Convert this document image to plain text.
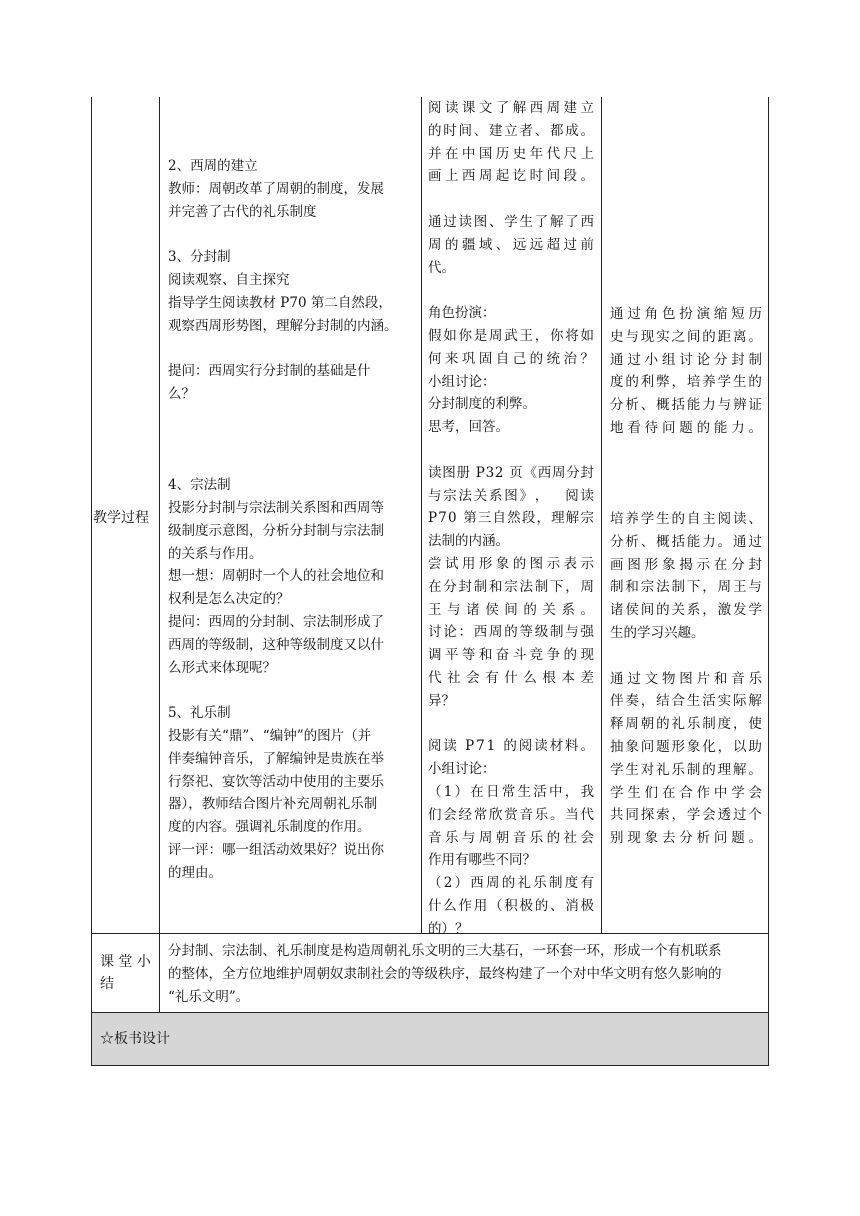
教学过程

2、西周的建立

教师：周朝改革了周朝的制度，发展

并完善了古代的礼乐制度

3、分封制

阅读观察、自主探究

指导学生阅读教材 P70 第二自然段，

观察西周形势图，理解分封制的内涵。

提问：西周实行分封制的基础是什

么？

4、宗法制

投影分封制与宗法制关系图和西周等

级制度示意图，分析分封制与宗法制

的关系与作用。

想一想：周朝时一个人的社会地位和

权利是怎么决定的？

提问：西周的分封制、宗法制形成了

西周的等级制，这种等级制度又以什

么形式来体现呢？

5、礼乐制

投影有关“鼎”、“编钟”的图片（并

伴奏编钟音乐，了解编钟是贵族在举

行祭祀、宴饮等活动中使用的主要乐

器），教师结合图片补充周朝礼乐制

度的内容。强调礼乐制度的作用。

评一评：哪一组活动效果好？说出你

的理由。

阅 读 课 文 了 解 西 周 建 立

的 时 间 、 建 立 者 、 都 成 。

并 在 中 国 历 史 年 代 尺 上

画 上 西 周 起 讫 时 间 段 。

通 过 读 图 、 学 生 了 解 了 西

周 的 疆 域 、 远 远 超 过 前

代。

角色扮演：

假 如 你 是 周 武 王 ， 你 将 如

何 来 巩 固 自 己 的 统 治 ？

小组讨论：

分封制度的利弊。

思考，回答。

读 图 册
P 3 2
页 《 西 周 分 封

与 宗 法 关 系 图 》 ，
　 阅 读

P 7 0
第 三 自 然 段 ， 理 解 宗

法制的内涵。

尝 试 用 形 象 的 图 示 表 示

在 分 封 制 和 宗 法 制 下 ， 周

王 与 诸 侯 间 的 关 系 。

讨 论 ： 西 周 的 等 级 制 与 强

调 平 等 和 奋 斗 竞 争 的 现

代 社 会 有 什 么 根 本 差

异？

阅 读
P 7 1
的 阅 读 材 料 。

小组讨论：

（ 1 ） 在 日 常 生 活 中 ， 我

们 会 经 常 欣 赏 音 乐 。 当 代

音 乐 与 周 朝 音 乐 的 社 会

作用有哪些不同？

（ 2 ） 西 周 的 礼 乐 制 度 有

什 么 作 用 （ 积 极 的 、 消 极

的）？

通 过 角 色 扮 演 缩 短 历

史 与 现 实 之 间 的 距 离 。

通 过 小 组 讨 论 分 封 制

度 的 利 弊 ， 培 养 学 生 的

分 析 、 概 括 能 力 与 辨 证

地 看 待 问 题 的 能 力 。

培 养 学 生 的 自 主 阅 读 、

分 析 、 概 括 能 力 。 通 过

画 图 形 象 揭 示 在 分 封

制 和 宗 法 制 下 ， 周 王 与

诸 侯 间 的 关 系 ， 激 发 学

生的学习兴趣。

通 过 文 物 图 片 和 音 乐

伴 奏 ， 结 合 生 活 实 际 解

释 周 朝 的 礼 乐 制 度 ， 使

抽 象 问 题 形 象 化 ， 以 助

学 生 对 礼 乐 制 的 理 解 。

学 生 们 在 合 作 中 学 会

共 同 探 索 ， 学 会 透 过 个

别 现 象 去 分 析 问 题 。

课 堂 小
结

分封制、宗法制、礼乐制度是构造周朝礼乐文明的三大基石，一环套一环，形成一个有机联系

的整体，全方位地维护周朝奴隶制社会的等级秩序，最终构建了一个对中华文明有悠久影响的

“礼乐文明”。

☆板书设计
